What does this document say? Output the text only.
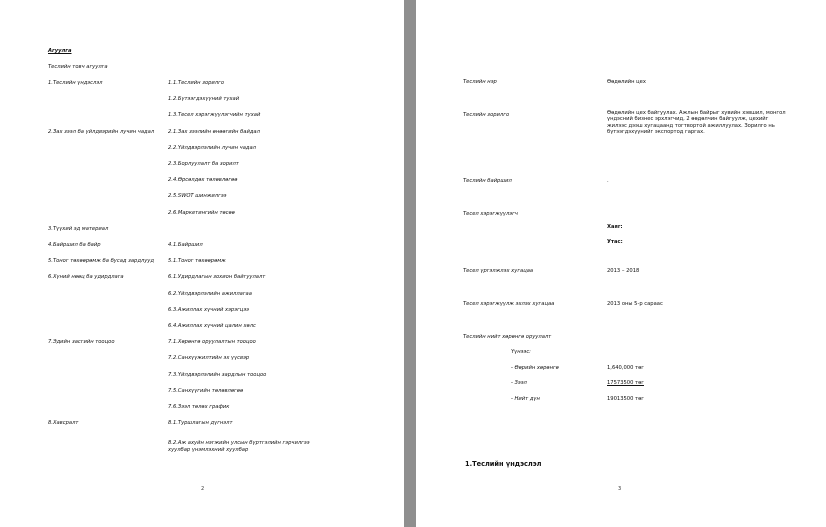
Агуулга
Теслийн товч агуулга
1.Теслийн үндэслэл	1.1.Теслийн зорилго
1.2.Бүтээгдэхүүний тухай
1.3.Тесел хэрэгжүүлэгчийн тухай
2.Зах зээл ба үйлдвэрийн лучин чадал	2.1.Зах зээлийн өнөөгийн байдал
2.2.Үйлдвэрлэлийн лучин чадал
2.3.Борлуулалт ба зорилт
2.4.Өрсөлдөх төлөвлөгөө
2.5.SWOT шинжилгээ
2.6.Маркетингийн төсөө
3.Түүхий эд материал
4.Байршил ба байр	4.1.Байршил
5.Тоног төхөөрөмж ба бусад зардлууд	5.1.Тоног төхөөрөмж
6.Хүний нөөц ба удирдлага	6.1.Удирдлагын зохион байгуулалт
6.2.Үйлдвэрлэлийн ажиллагаа
6.3.Ажиллах хүчний хэрэгцээ
6.4.Ажиллах хүчний цалин хөлс
7.Эдийн засгийн тооцоо	7.1.Хөрөнгө оруулалтын тооцоо
7.2.Санхүүжилтийн эх үүсвэр
7.3.Үйлдвэрлэлийн зардлын тооцоо
7.5.Санхүүгийн төлөвлөгөө
7.6.Зээл төлөх график
8.Хавсралт	8.1.Туршлагын дүгнэлт
8.2.Аж ахуйн нэгжийн улсын бүртгэлийн гэрчилгээ
хуулбар үнэмлэхний хуулбар
2
Теслийн нэр	Өөдөлийн цех
Теслийн зорилго	Өөдөлийн цех байгуулах. Ажлын байрыг хувийн хэвшил, монгол үндэсний бизнес эрхлэгчид, 2 өөдөлчин байгуулж, цехийг жилээс дээш хугацаанд тогтвортой ажиллуулах. Зорилго нь бүтээгдэхүүнийг экспортод гаргах.
Теслийн байршил	.
Тесел хэрэгжүүлэгч
Хаяг:
Утас:
Тесел үргэлжлэх хугацаа	2013 – 2018
Тесел хэрэгжүүлж эхлэх хугацаа	2013 оны 5-р сараас
Теслийн нийт хөрөнгө оруулалт
Үүнээс:
- Өөрийн хөрөнгө	1,640,000 төг
- Зээл	17573500 төг
- Нийт дүн	19013500 төг
1.Теслийн үндэслэл
3
